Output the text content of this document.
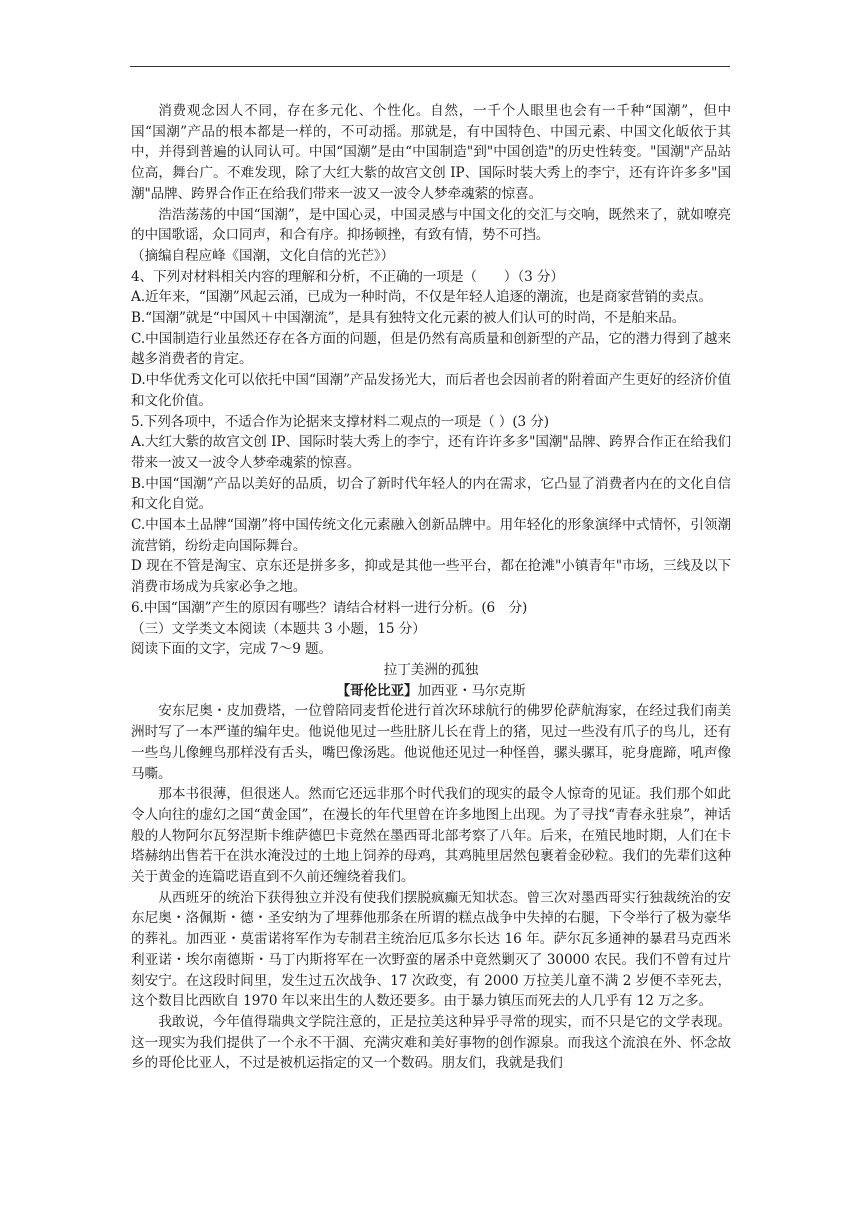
消费观念因人不同，存在多元化、个性化。自然，一千个人眼里也会有一千种“国潮”，但中国“国潮”产品的根本都是一样的，不可动摇。那就是，有中国特色、中国元素、中国文化皈依于其中，并得到普遍的认同认可。中国“国潮”是由“中国制造"到"中国创造"的历史性转变。"国潮"产品站位高，舞台广。不难发现，除了大红大紫的故宫文创 IP、国际时装大秀上的李宁，还有许许多多"国潮"品牌、跨界合作正在给我们带来一波又一波令人梦牵魂萦的惊喜。

浩浩荡荡的中国“国潮”，是中国心灵，中国灵感与中国文化的交汇与交响，既然来了，就如嘹亮的中国歌谣，众口同声，和合有序。抑扬顿挫，有致有情，势不可挡。

（摘编自程应峰《国潮，文化自信的光芒》）

4、下列对材料相关内容的理解和分析，不正确的一项是（　　）（3 分）

A.近年来，“国潮”风起云涌，已成为一种时尚，不仅是年轻人追逐的潮流，也是商家营销的卖点。

B.“国潮”就是“中国风＋中国潮流”，是具有独特文化元素的被人们认可的时尚，不是舶来品。

C.中国制造行业虽然还存在各方面的问题，但是仍然有高质量和创新型的产品，它的潜力得到了越来越多消费者的肯定。

D.中华优秀文化可以依托中国“国潮”产品发扬光大，而后者也会因前者的附着面产生更好的经济价值和文化价值。

5.下列各项中，不适合作为论据来支撑材料二观点的一项是（ ）(3 分)

A.大红大紫的故宫文创 IP、国际时装大秀上的李宁，还有许许多多"国潮"品牌、跨界合作正在给我们带来一波又一波令人梦牵魂萦的惊喜。

B.中国“国潮”产品以美好的品质，切合了新时代年轻人的内在需求，它凸显了消费者内在的文化自信和文化自觉。

C.中国本土品牌“国潮”将中国传统文化元素融入创新品牌中。用年轻化的形象演绎中式情怀，引领潮流营销，纷纷走向国际舞台。

D 现在不管是淘宝、京东还是拼多多，抑或是其他一些平台，都在抢滩"小镇青年"市场，三线及以下消费市场成为兵家必争之地。

6.中国“国潮”产生的原因有哪些？请结合材料一进行分析。(6　分)

（三）文学类文本阅读（本题共 3 小题，15 分）

阅读下面的文字，完成 7～9 题。

拉丁美洲的孤独

【哥伦比亚】加西亚・马尔克斯

安东尼奥・皮加费塔，一位曾陪同麦哲伦进行首次环球航行的佛罗伦萨航海家，在经过我们南美洲时写了一本严谨的编年史。他说他见过一些肚脐儿长在背上的猪，见过一些没有爪子的鸟儿，还有一些鸟儿像鲤鸟那样没有舌头，嘴巴像汤匙。他说他还见过一种怪兽，骡头骡耳，驼身鹿蹄，吼声像马嘶。

那本书很薄，但很迷人。然而它还远非那个时代我们的现实的最令人惊奇的见证。我们那个如此令人向往的虚幻之国“黄金国”，在漫长的年代里曾在许多地图上出现。为了寻找“青春永驻泉”，神话般的人物阿尔瓦努涅斯卡维萨德巴卡竟然在墨西哥北部考察了八年。后来，在殖民地时期，人们在卡塔赫纳出售若干在洪水淹没过的土地上饲养的母鸡，其鸡肫里居然包裹着金砂粒。我们的先辈们这种关于黄金的连篇呓语直到不久前还缠绕着我们。

从西班牙的统治下获得独立并没有使我们摆脱疯癫无知状态。曾三次对墨西哥实行独裁统治的安东尼奥・洛佩斯・德・圣安纳为了埋葬他那条在所谓的糕点战争中失掉的右腿，下令举行了极为豪华的葬礼。加西亚・莫雷诺将军作为专制君主统治厄瓜多尔长达 16 年。萨尔瓦多通神的暴君马克西米利亚诺・埃尔南德斯・马丁内斯将军在一次野蛮的屠杀中竟然剿灭了 30000 农民。我们不曾有过片刻安宁。在这段时间里，发生过五次战争、17 次政变，有 2000 万拉美儿童不满 2 岁便不幸死去，这个数目比西欧自 1970 年以来出生的人数还要多。由于暴力镇压而死去的人几乎有 12 万之多。

我敢说，今年值得瑞典文学院注意的，正是拉美这种异乎寻常的现实，而不只是它的文学表现。这一现实为我们提供了一个永不干涸、充满灾难和美好事物的创作源泉。而我这个流浪在外、怀念故乡的哥伦比亚人，不过是被机运指定的又一个数码。朋友们，我就是我们
